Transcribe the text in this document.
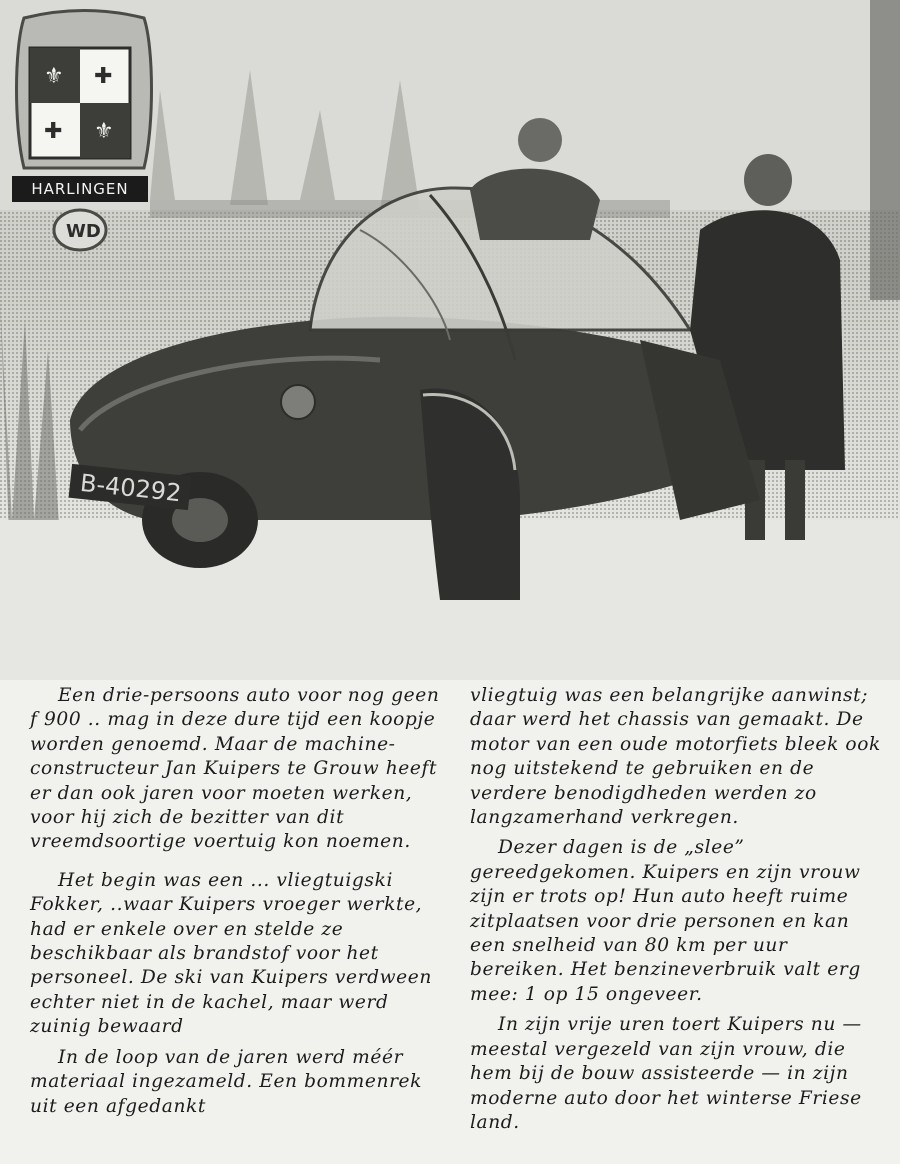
B-40292
⚜
⚜
✚
✚
WD
HARLINGEN

Een drie-persoons auto voor nog geen f 900 .. mag in deze dure tijd een koopje worden genoemd. Maar de machine-constructeur Jan Kuipers te Grouw heeft er dan ook jaren voor moeten werken, voor hij zich de bezitter van dit vreemdsoortige voertuig kon noemen.

Het begin was een ... vliegtuigski Fokker, ..waar Kuipers vroeger werkte, had er enkele over en stelde ze beschikbaar als brandstof voor het personeel. De ski van Kuipers verdween echter niet in de kachel, maar werd zuinig bewaard

In de loop van de jaren werd méér materiaal ingezameld. Een bommenrek uit een afgedankt

vliegtuig was een belangrijke aanwinst; daar werd het chassis van gemaakt. De motor van een oude motorfiets bleek ook nog uitstekend te gebruiken en de verdere benodigdheden werden zo langzamerhand verkregen.

Dezer dagen is de „slee” gereedgekomen. Kuipers en zijn vrouw zijn er trots op! Hun auto heeft ruime zitplaatsen voor drie personen en kan een snelheid van 80 km per uur bereiken. Het benzineverbruik valt erg mee: 1 op 15 ongeveer.

In zijn vrije uren toert Kuipers nu — meestal vergezeld van zijn vrouw, die hem bij de bouw assisteerde — in zijn moderne auto door het winterse Friese land.
